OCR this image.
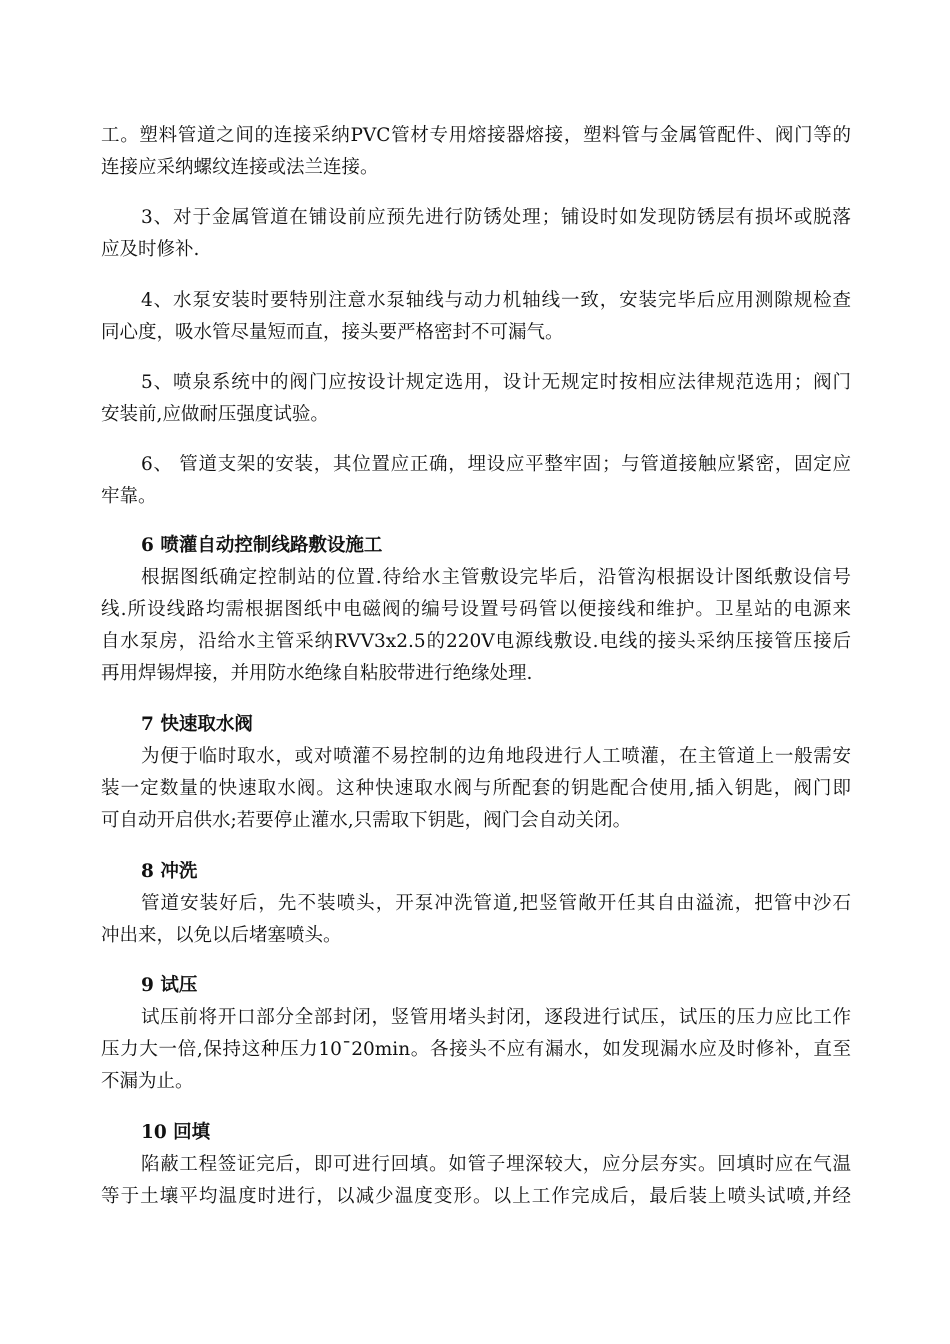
工。塑料管道之间的连接采纳PVC管材专用熔接器熔接，塑料管与金属管配件、阀门等的
连接应采纳螺纹连接或法兰连接。
3、对于金属管道在铺设前应预先进行防锈处理；铺设时如发现防锈层有损坏或脱落
应及时修补.
4、水泵安装时要特别注意水泵轴线与动力机轴线一致，安装完毕后应用测隙规检查
同心度，吸水管尽量短而直，接头要严格密封不可漏气。
5、喷泉系统中的阀门应按设计规定选用，设计无规定时按相应法律规范选用；阀门
安装前,应做耐压强度试验。
6、 管道支架的安装，其位置应正确，埋设应平整牢固；与管道接触应紧密，固定应
牢靠。
6 喷灌自动控制线路敷设施工
根据图纸确定控制站的位置.待给水主管敷设完毕后，沿管沟根据设计图纸敷设信号
线.所设线路均需根据图纸中电磁阀的编号设置号码管以便接线和维护。卫星站的电源来
自水泵房，沿给水主管采纳RVV3x2.5的220V电源线敷设.电线的接头采纳压接管压接后
再用焊锡焊接，并用防水绝缘自粘胶带进行绝缘处理.
7 快速取水阀
为便于临时取水，或对喷灌不易控制的边角地段进行人工喷灌，在主管道上一般需安
装一定数量的快速取水阀。这种快速取水阀与所配套的钥匙配合使用,插入钥匙，阀门即
可自动开启供水;若要停止灌水,只需取下钥匙，阀门会自动关闭。
8 冲洗
管道安装好后，先不装喷头，开泵冲洗管道,把竖管敞开任其自由溢流，把管中沙石
冲出来，以免以后堵塞喷头。
9 试压
试压前将开口部分全部封闭，竖管用堵头封闭，逐段进行试压，试压的压力应比工作
压力大一倍,保持这种压力10¯20min。各接头不应有漏水，如发现漏水应及时修补，直至
不漏为止。
10 回填
陷蔽工程签证完后，即可进行回填。如管子埋深较大，应分层夯实。回填时应在气温
等于土壤平均温度时进行，以减少温度变形。以上工作完成后，最后装上喷头试喷,并经
